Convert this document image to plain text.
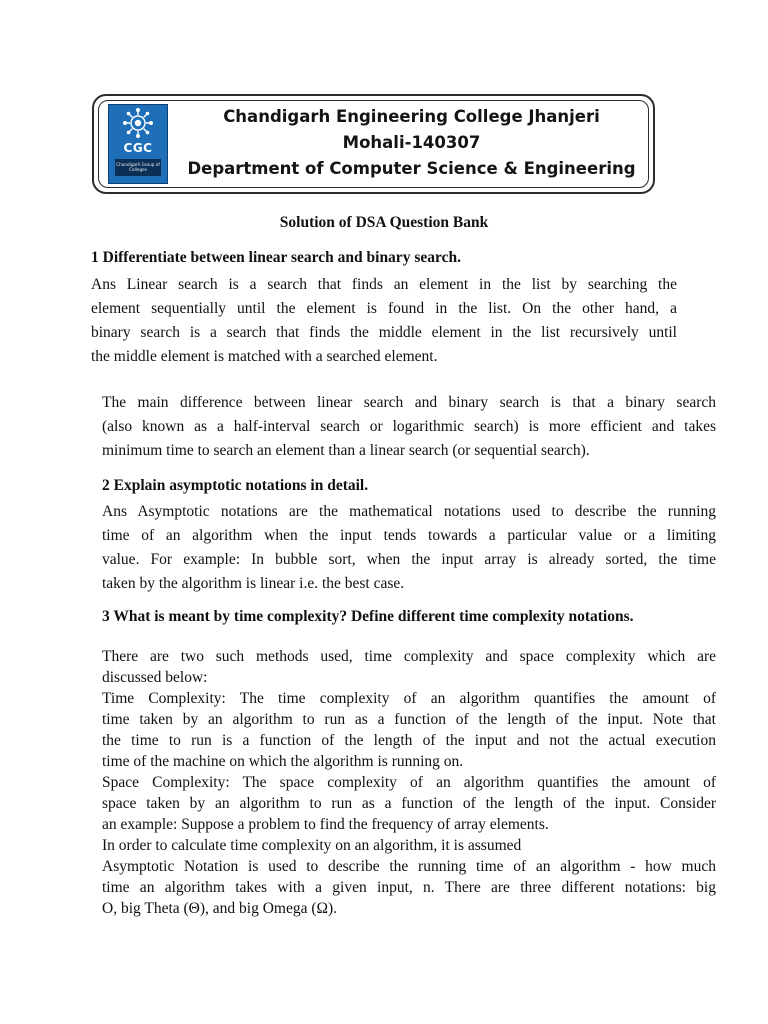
CGC
Chandigarh Group of Colleges
Chandigarh Engineering College Jhanjeri
Mohali-140307
Department of Computer Science & Engineering
Solution of DSA Question Bank
1 Differentiate between linear search and binary search.
Ans Linear search is a search that finds an element in the list by searching the
element sequentially until the element is found in the list. On the other hand, a
binary search is a search that finds the middle element in the list recursively until
the middle element is matched with a searched element.
The main difference between linear search and binary search is that a binary search
(also known as a half-interval search or logarithmic search) is more efficient and takes
minimum time to search an element than a linear search (or sequential search).
2 Explain asymptotic notations in detail.
Ans Asymptotic notations are the mathematical notations used to describe the running
time of an algorithm when the input tends towards a particular value or a limiting
value. For example: In bubble sort, when the input array is already sorted, the time
taken by the algorithm is linear i.e. the best case.
3 What is meant by time complexity? Define different time complexity notations.
There are two such methods used, time complexity and space complexity which are
discussed below:
Time Complexity: The time complexity of an algorithm quantifies the amount of
time taken by an algorithm to run as a function of the length of the input. Note that
the time to run is a function of the length of the input and not the actual execution
time of the machine on which the algorithm is running on.
Space Complexity: The space complexity of an algorithm quantifies the amount of
space taken by an algorithm to run as a function of the length of the input. Consider
an example: Suppose a problem to find the frequency of array elements.
In order to calculate time complexity on an algorithm, it is assumed
Asymptotic Notation is used to describe the running time of an algorithm - how much
time an algorithm takes with a given input, n. There are three different notations: big
O, big Theta (Θ), and big Omega (Ω).
